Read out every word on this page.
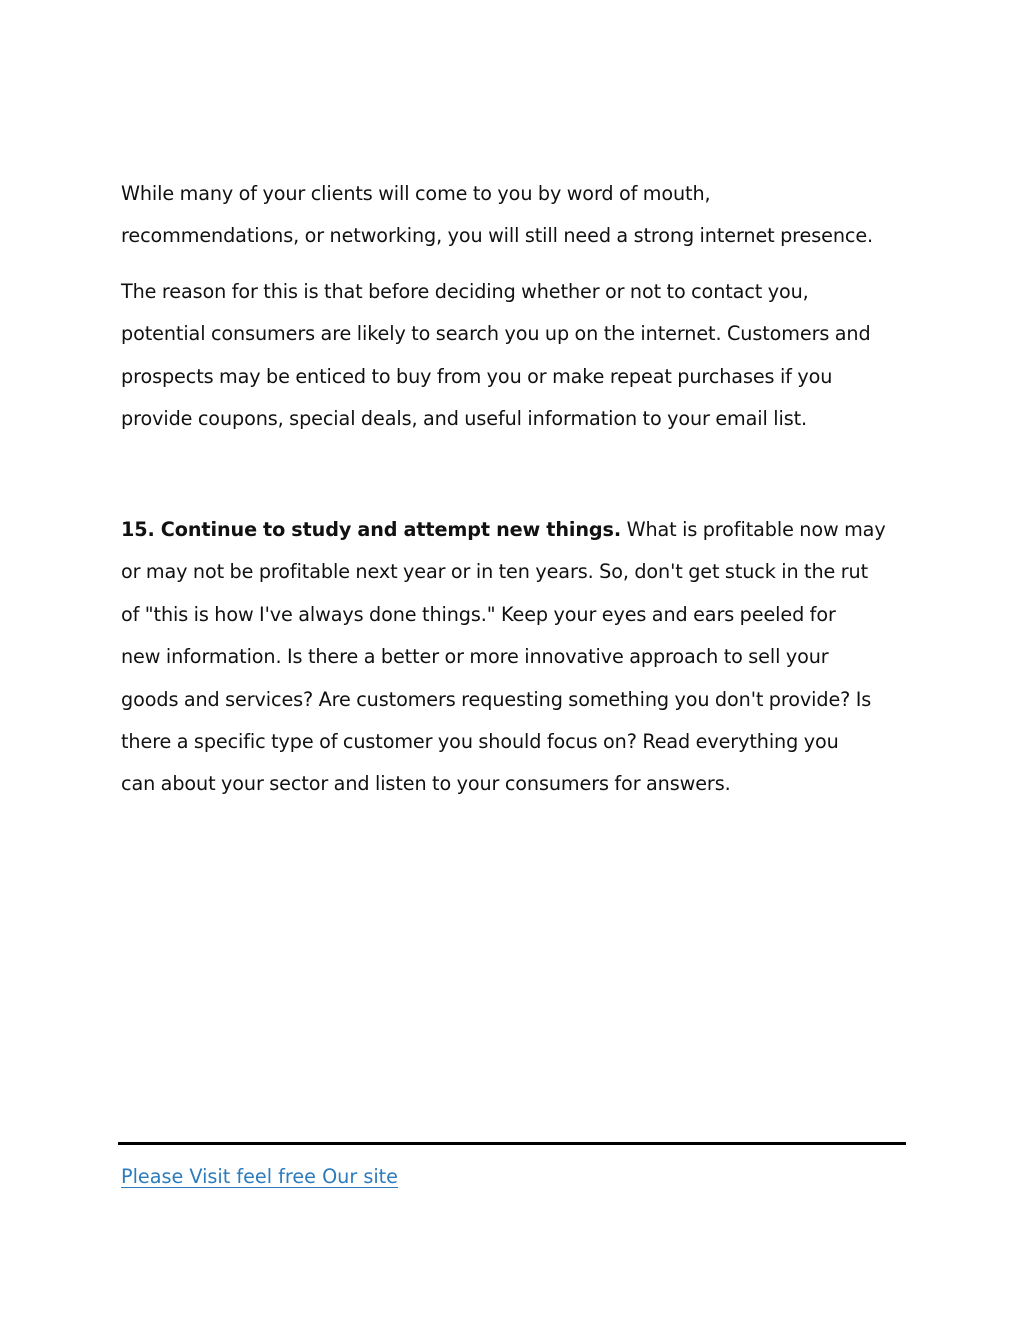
While many of your clients will come to you by word of mouth,
recommendations, or networking, you will still need a strong internet presence.
The reason for this is that before deciding whether or not to contact you,
potential consumers are likely to search you up on the internet. Customers and
prospects may be enticed to buy from you or make repeat purchases if you
provide coupons, special deals, and useful information to your email list.
15. Continue to study and attempt new things. What is profitable now may
or may not be profitable next year or in ten years. So, don't get stuck in the rut
of "this is how I've always done things." Keep your eyes and ears peeled for
new information. Is there a better or more innovative approach to sell your
goods and services? Are customers requesting something you don't provide? Is
there a specific type of customer you should focus on? Read everything you
can about your sector and listen to your consumers for answers.
Please Visit feel free Our site
